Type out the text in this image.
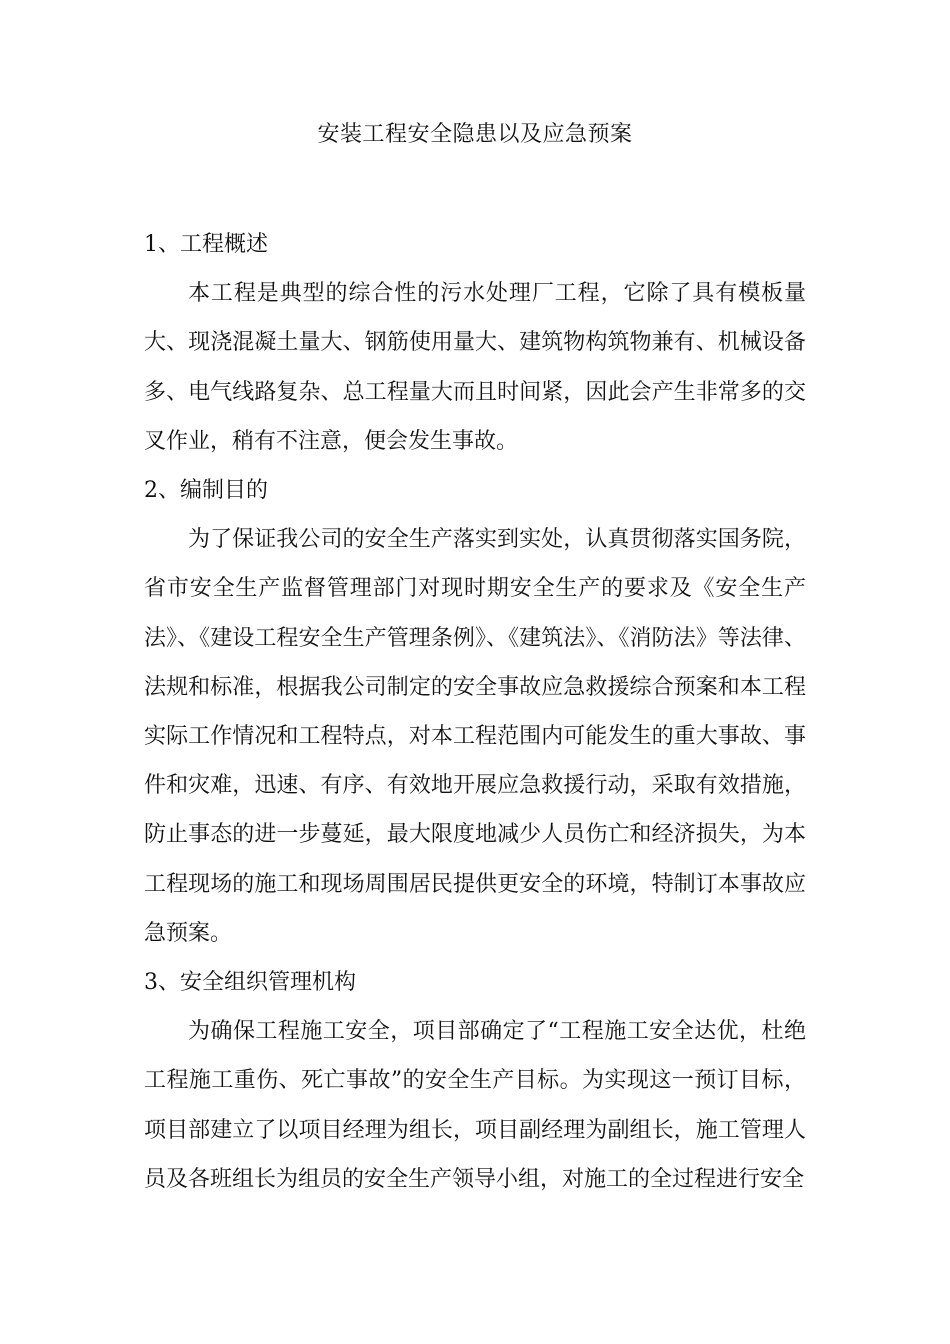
安装工程安全隐患以及应急预案

1、工程概述

本工程是典型的综合性的污水处理厂工程，它除了具有模板量大、现浇混凝土量大、钢筋使用量大、建筑物构筑物兼有、机械设备多、电气线路复杂、总工程量大而且时间紧，因此会产生非常多的交叉作业，稍有不注意，便会发生事故。

2、编制目的

为了保证我公司的安全生产落实到实处，认真贯彻落实国务院，省市安全生产监督管理部门对现时期安全生产的要求及《安全生产法》、《建设工程安全生产管理条例》、《建筑法》、《消防法》等法律、法规和标准，根据我公司制定的安全事故应急救援综合预案和本工程实际工作情况和工程特点，对本工程范围内可能发生的重大事故、事件和灾难，迅速、有序、有效地开展应急救援行动，采取有效措施，防止事态的进一步蔓延，最大限度地减少人员伤亡和经济损失，为本工程现场的施工和现场周围居民提供更安全的环境，特制订本事故应急预案。

3、安全组织管理机构

为确保工程施工安全，项目部确定了“工程施工安全达优，杜绝工程施工重伤、死亡事故”的安全生产目标。为实现这一预订目标，项目部建立了以项目经理为组长，项目副经理为副组长，施工管理人员及各班组长为组员的安全生产领导小组，对施工的全过程进行安全
